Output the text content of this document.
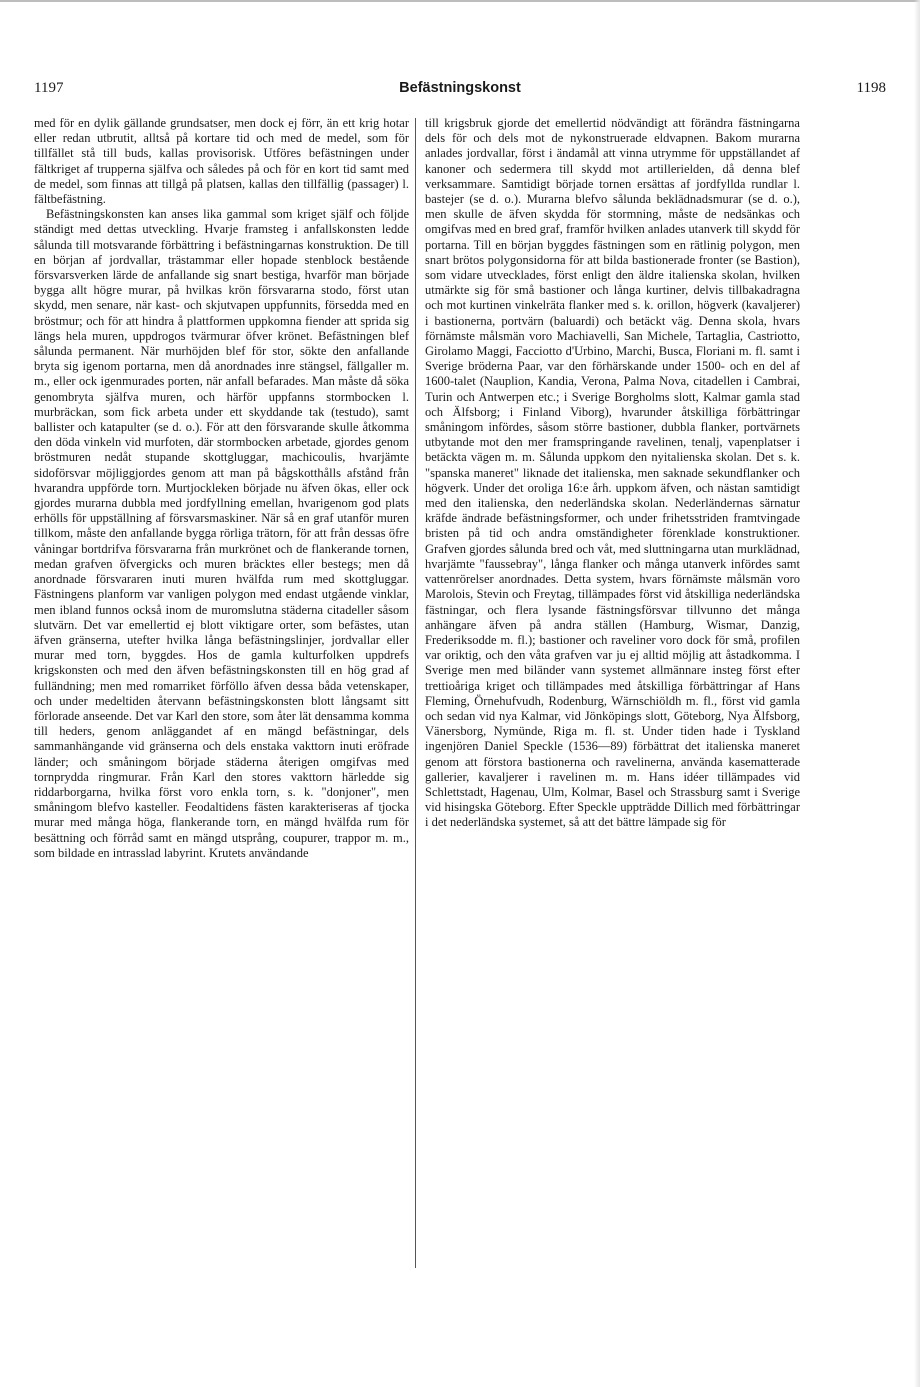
1197	Befästningskonst	1198

med för en dylik gällande grundsatser, men dock ej förr, än ett krig hotar eller redan utbrutit, alltså på kortare tid och med de medel, som för tillfället stå till buds, kallas provisorisk. Utföres befästningen under fältkriget af trupperna själfva och således på och för en kort tid samt med de medel, som finnas att tillgå på platsen, kallas den tillfällig (passager) l. fältbefästning.

Befästningskonsten kan anses lika gammal som kriget själf och följde ständigt med dettas utveckling. Hvarje framsteg i anfallskonsten ledde sålunda till motsvarande förbättring i befästningarnas konstruktion. De till en början af jordvallar, trästammar eller hopade stenblock bestående försvarsverken lärde de anfallande sig snart bestiga, hvarför man började bygga allt högre murar, på hvilkas krön försvararna stodo, först utan skydd, men senare, när kast- och skjutvapen uppfunnits, försedda med en bröstmur; och för att hindra å plattformen uppkomna fiender att sprida sig längs hela muren, uppdrogos tvärmurar öfver krönet. Befästningen blef sålunda permanent. När murhöjden blef för stor, sökte den anfallande bryta sig igenom portarna, men då anordnades inre stängsel, fällgaller m. m., eller ock igenmurades porten, när anfall befarades. Man måste då söka genombryta själfva muren, och härför uppfanns stormbocken l. murbräckan, som fick arbeta under ett skyddande tak (testudo), samt ballister och katapulter (se d. o.). För att den försvarande skulle åtkomma den döda vinkeln vid murfoten, där stormbocken arbetade, gjordes genom bröstmuren nedåt stupande skottgluggar, machicoulis, hvarjämte sidoförsvar möjliggjordes genom att man på bågskotthålls afstånd från hvarandra uppförde torn. Murtjockleken började nu äfven ökas, eller ock gjordes murarna dubbla med jordfyllning emellan, hvarigenom god plats erhölls för uppställning af försvarsmaskiner. När så en graf utanför muren tillkom, måste den anfallande bygga rörliga trätorn, för att från dessas öfre våningar bortdrifva försvararna från murkrönet och de flankerande tornen, medan grafven öfvergicks och muren bräcktes eller bestegs; men då anordnade försvararen inuti muren hvälfda rum med skottgluggar. Fästningens planform var vanligen polygon med endast utgående vinklar, men ibland funnos också inom de muromslutna städerna citadeller såsom slutvärn. Det var emellertid ej blott viktigare orter, som befästes, utan äfven gränserna, utefter hvilka långa befästningslinjer, jordvallar eller murar med torn, byggdes. Hos de gamla kulturfolken uppdrefs krigskonsten och med den äfven befästningskonsten till en hög grad af fulländning; men med romarriket förföllo äfven dessa båda vetenskaper, och under medeltiden återvann befästningskonsten blott långsamt sitt förlorade anseende. Det var Karl den store, som åter lät densamma komma till heders, genom anläggandet af en mängd befästningar, dels sammanhängande vid gränserna och dels enstaka vakttorn inuti eröfrade länder; och småningom började städerna återigen omgifvas med tornprydda ringmurar. Från Karl den stores vakttorn härledde sig riddarborgarna, hvilka först voro enkla torn, s. k. "donjoner", men småningom blefvo kasteller. Feodaltidens fästen karakteriseras af tjocka murar med många höga, flankerande torn, en mängd hvälfda rum för besättning och förråd samt en mängd utsprång, coupurer, trappor m. m., som bildade en intrasslad labyrint. Krutets användande

till krigsbruk gjorde det emellertid nödvändigt att förändra fästningarna dels för och dels mot de nykonstruerade eldvapnen. Bakom murarna anlades jordvallar, först i ändamål att vinna utrymme för uppställandet af kanoner och sedermera till skydd mot artillerielden, då denna blef verksammare. Samtidigt började tornen ersättas af jordfyllda rundlar l. bastejer (se d. o.). Murarna blefvo sålunda beklädnadsmurar (se d. o.), men skulle de äfven skydda för stormning, måste de nedsänkas och omgifvas med en bred graf, framför hvilken anlades utanverk till skydd för portarna. Till en början byggdes fästningen som en rätlinig polygon, men snart brötos polygonsidorna för att bilda bastionerade fronter (se Bastion), som vidare utvecklades, först enligt den äldre italienska skolan, hvilken utmärkte sig för små bastioner och långa kurtiner, delvis tillbakadragna och mot kurtinen vinkelräta flanker med s. k. orillon, högverk (kavaljerer) i bastionerna, portvärn (baluardi) och betäckt väg. Denna skola, hvars förnämste målsmän voro Machiavelli, San Michele, Tartaglia, Castriotto, Girolamo Maggi, Facciotto d'Urbino, Marchi, Busca, Floriani m. fl. samt i Sverige bröderna Paar, var den förhärskande under 1500- och en del af 1600-talet (Nauplion, Kandia, Verona, Palma Nova, citadellen i Cambrai, Turin och Antwerpen etc.; i Sverige Borgholms slott, Kalmar gamla stad och Älfsborg; i Finland Viborg), hvarunder åtskilliga förbättringar småningom infördes, såsom större bastioner, dubbla flanker, portvärnets utbytande mot den mer framspringande ravelinen, tenalj, vapenplatser i betäckta vägen m. m. Sålunda uppkom den nyitalienska skolan. Det s. k. "spanska maneret" liknade det italienska, men saknade sekundflanker och högverk. Under det oroliga 16:e årh. uppkom äfven, och nästan samtidigt med den italienska, den nederländska skolan. Nederländernas särnatur kräfde ändrade befästningsformer, och under frihetsstriden framtvingade bristen på tid och andra omständigheter förenklade konstruktioner. Grafven gjordes sålunda bred och våt, med sluttningarna utan murklädnad, hvarjämte "faussebray", långa flanker och många utanverk infördes samt vattenrörelser anordnades. Detta system, hvars förnämste målsmän voro Marolois, Stevin och Freytag, tillämpades först vid åtskilliga nederländska fästningar, och flera lysande fästningsförsvar tillvunno det många anhängare äfven på andra ställen (Hamburg, Wismar, Danzig, Frederiksodde m. fl.); bastioner och raveliner voro dock för små, profilen var oriktig, och den våta grafven var ju ej alltid möjlig att åstadkomma. I Sverige men med biländer vann systemet allmännare insteg först efter trettioåriga kriget och tillämpades med åtskilliga förbättringar af Hans Fleming, Örnehufvudh, Rodenburg, Wärnschiöldh m. fl., först vid gamla och sedan vid nya Kalmar, vid Jönköpings slott, Göteborg, Nya Älfsborg, Vänersborg, Nymünde, Riga m. fl. st. Under tiden hade i Tyskland ingenjören Daniel Speckle (1536—89) förbättrat det italienska maneret genom att förstora bastionerna och ravelinerna, använda kasematterade gallerier, kavaljerer i ravelinen m. m. Hans idéer tillämpades vid Schlettstadt, Hagenau, Ulm, Kolmar, Basel och Strassburg samt i Sverige vid hisingska Göteborg. Efter Speckle uppträdde Dillich med förbättringar i det nederländska systemet, så att det bättre lämpade sig för
